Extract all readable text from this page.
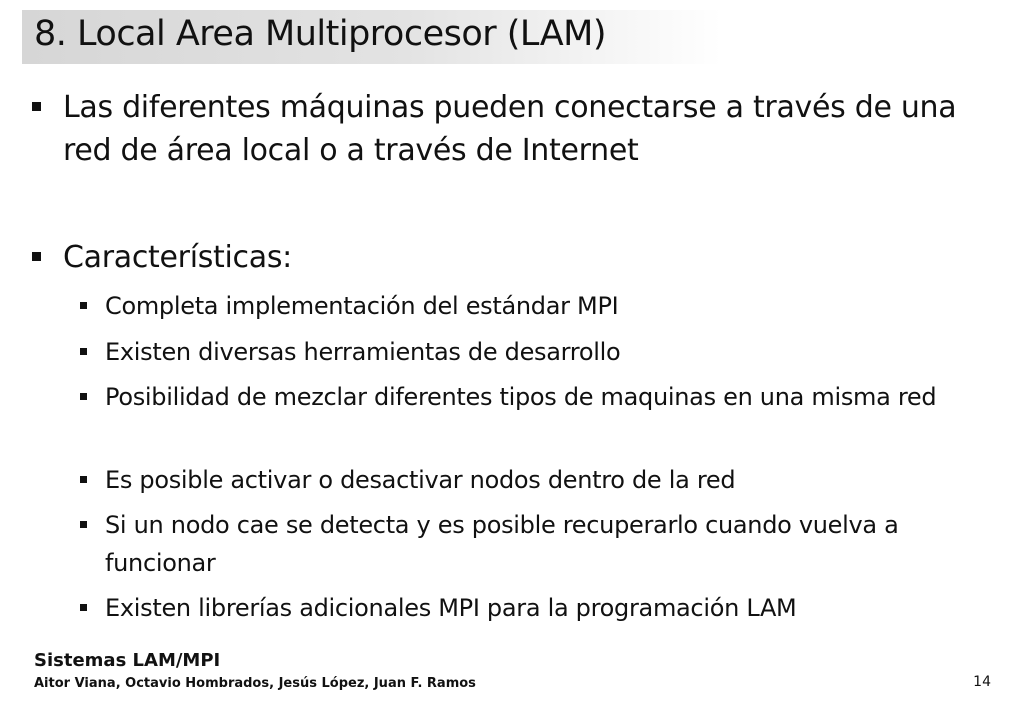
8. Local Area Multiprocesor (LAM)
Las diferentes máquinas pueden conectarse a través de una red de área local o a través de Internet
Características:
Completa implementación del estándar MPI
Existen diversas herramientas de desarrollo
Posibilidad de mezclar diferentes tipos de maquinas en una misma red
Es posible activar o desactivar nodos dentro de la red
Si un nodo cae se detecta y es posible recuperarlo cuando vuelva a funcionar
Existen librerías adicionales MPI para la programación LAM
Sistemas LAM/MPI
Aitor Viana, Octavio Hombrados, Jesús López, Juan F. Ramos	14
